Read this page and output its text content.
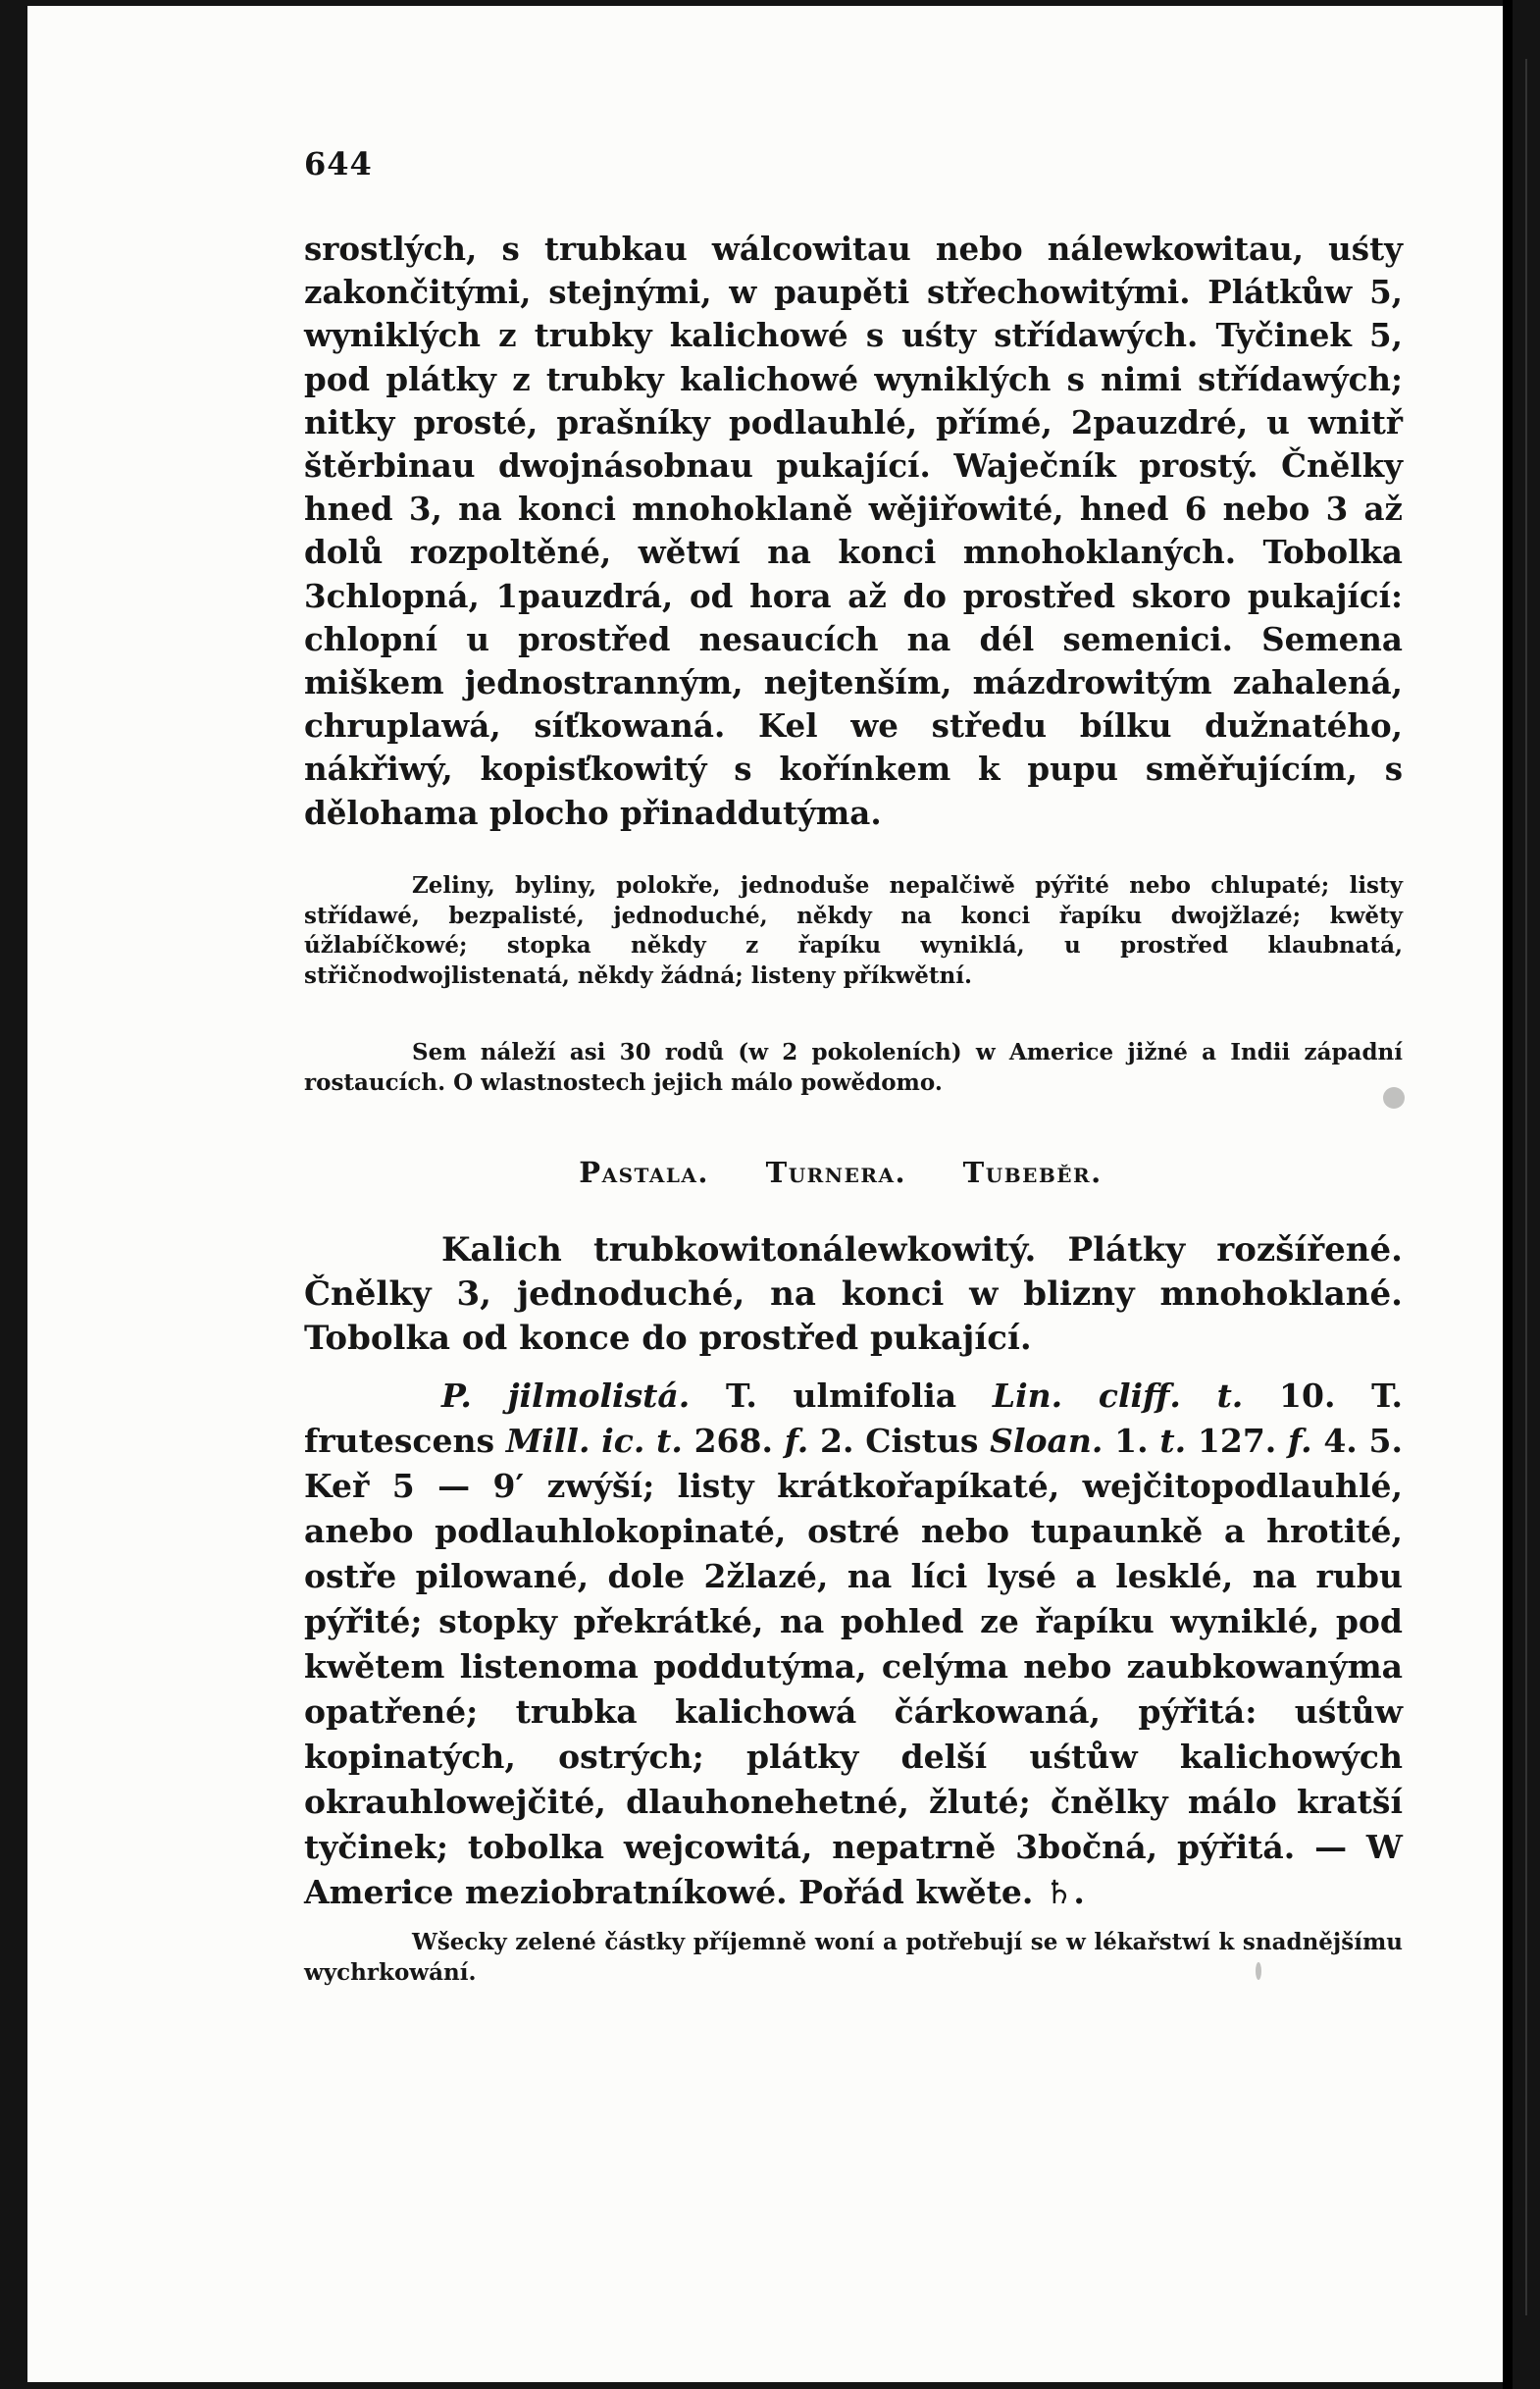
644
srostlých, s trubkau wálcowitau nebo nálewkowitau, uśty zakončitými, stejnými, w paupěti střechowitými. Plátkůw 5, wyniklých z trubky kalichowé s uśty střídawých. Tyčinek 5, pod plátky z trubky kalichowé wyniklých s nimi střídawých; nitky prosté, prašníky podlauhlé, přímé, 2pauzdré, u wnitř štěrbinau dwojnásobnau pukající. Waječník prostý. Čnělky hned 3, na konci mnohoklaně wějiřowité, hned 6 nebo 3 až dolů rozpoltěné, wětwí na konci mnohoklaných. Tobolka 3chlopná, 1pauzdrá, od hora až do prostřed skoro pukající: chlopní u prostřed nesaucích na dél semenici. Semena miškem jednostranným, nejtenším, mázdrowitým zahalená, chruplawá, síťkowaná. Kel we středu bílku dužnatého, nákřiwý, kopisťkowitý s kořínkem k pupu směřujícím, s dělohama plocho přinaddutýma.
Zeliny, byliny, polokře, jednoduše nepalčiwě pýřité nebo chlupaté; listy střídawé, bezpalisté, jednoduché, někdy na konci řapíku dwojžlazé; kwěty úžlabíčkowé; stopka někdy z řapíku wyniklá, u prostřed klaubnatá, střičnodwojlistenatá, někdy žádná; listeny příkwětní.
Sem náleží asi 30 rodů (w 2 pokoleních) w Americe jižné a Indii západní rostaucích. O wlastnostech jejich málo powědomo.
Pastala. Turnera. Tubeběr.
Kalich trubkowitonálewkowitý. Plátky rozšířené. Čnělky 3, jednoduché, na konci w blizny mnohoklané. Tobolka od konce do prostřed pukající.
P. jilmolistá. T. ulmifolia Lin. cliff. t. 10. T. frutescens Mill. ic. t. 268. f. 2. Cistus Sloan. 1. t. 127. f. 4. 5. Keř 5 — 9′ zwýší; listy krátkořapíkaté, wejčitopodlauhlé, anebo podlauhlokopinaté, ostré nebo tupaunkě a hrotité, ostře pilowané, dole 2žlazé, na líci lysé a lesklé, na rubu pýřité; stopky překrátké, na pohled ze řapíku wyniklé, pod kwětem listenoma poddutýma, celýma nebo zaubkowanýma opatřené; trubka kalichowá čárkowaná, pýřitá: uśtůw kopinatých, ostrých; plátky delší uśtůw kalichowých okrauhlowejčité, dlauhonehetné, žluté; čnělky málo kratší tyčinek; tobolka wejcowitá, nepatrně 3bočná, pýřitá. — W Americe meziobratníkowé. Pořád kwěte. ♄.
Wšecky zelené částky příjemně woní a potřebují se w lékařstwí k snadnějšímu wychrkowání.
